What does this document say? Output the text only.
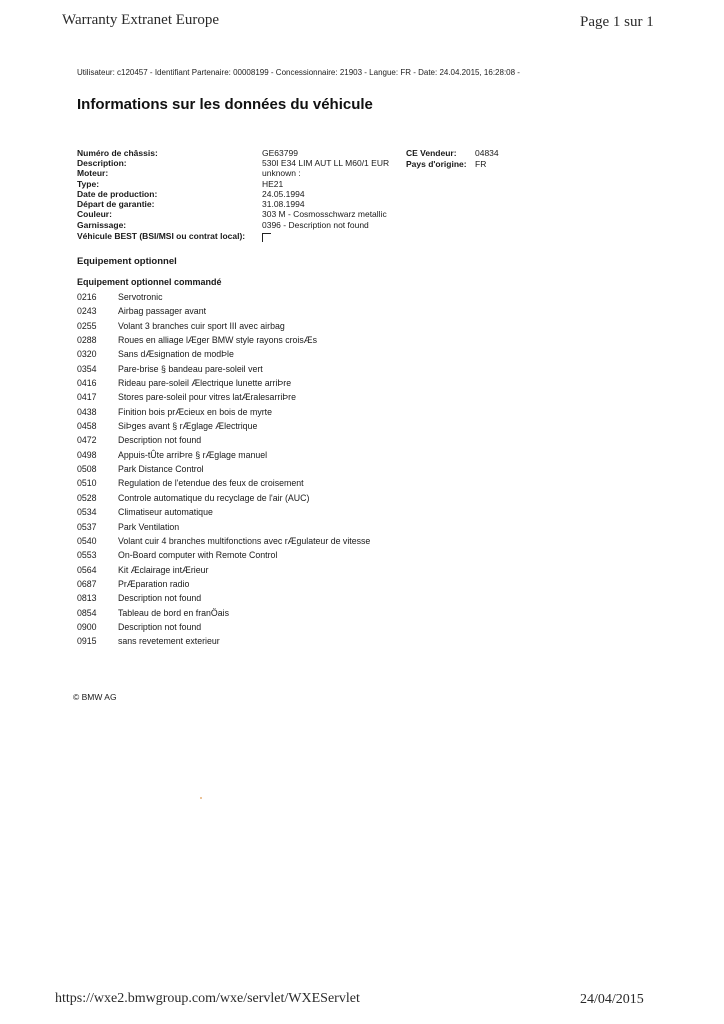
Warranty Extranet Europe	Page 1 sur 1
Utilisateur: c120457 - Identifiant Partenaire: 00008199 - Concessionnaire: 21903 - Langue: FR - Date: 24.04.2015, 16:28:08 -
Informations sur les données du véhicule
Numéro de châssis:
Description:
Moteur:
Type:
Date de production:
Départ de garantie:
Couleur:
Garnissage:
Véhicule BEST (BSI/MSI ou contrat local):
GE63799
530I E34 LIM AUT LL M60/1 EUR
unknown :
HE21
24.05.1994
31.08.1994
303 M - Cosmosschwarz metallic
0396 - Description not found
CE Vendeur: 04834
Pays d'origine: FR
Equipement optionnel
Equipement optionnel commandé
0216 Servotronic
0243 Airbag passager avant
0255 Volant 3 branches cuir sport III avec airbag
0288 Roues en alliage lÆger BMW style rayons croisÆs
0320 Sans dÆsignation de modÞle
0354 Pare-brise § bandeau pare-soleil vert
0416 Rideau pare-soleil Ælectrique lunette arriÞre
0417 Stores pare-soleil pour vitres latÆralesarriÞre
0438 Finition bois prÆcieux en bois de myrte
0458 SiÞges avant § rÆglage Ælectrique
0472 Description not found
0498 Appuis-tÛte arriÞre § rÆglage manuel
0508 Park Distance Control
0510 Regulation de l'etendue des feux de croisement
0528 Controle automatique du recyclage de l'air (AUC)
0534 Climatiseur automatique
0537 Park Ventilation
0540 Volant cuir 4 branches multifonctions avec rÆgulateur de vitesse
0553 On-Board computer with Remote Control
0564 Kit Æclairage intÆrieur
0687 PrÆparation radio
0813 Description not found
0854 Tableau de bord en franÖais
0900 Description not found
0915 sans revetement exterieur
© BMW AG
https://wxe2.bmwgroup.com/wxe/servlet/WXEServlet	24/04/2015
